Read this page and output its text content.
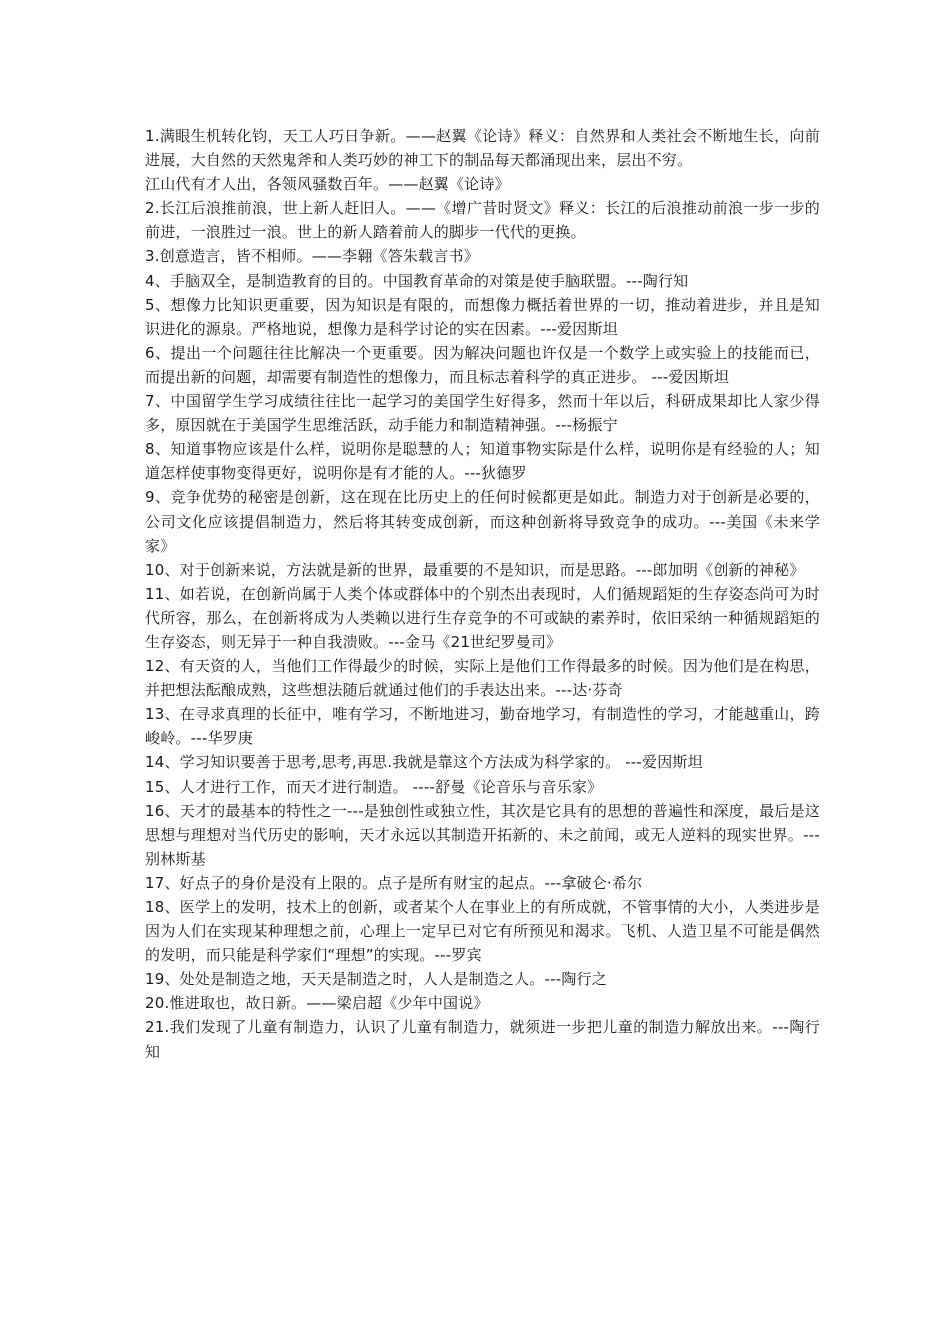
1.满眼生机转化钧，天工人巧日争新。——赵翼《论诗》释义：自然界和人类社会不断地生长，向前进展，大自然的天然鬼斧和人类巧妙的神工下的制品每天都涌现出来，层出不穷。

江山代有才人出，各领风骚数百年。——赵翼《论诗》

2.长江后浪推前浪，世上新人赶旧人。——《增广昔时贤文》释义：长江的后浪推动前浪一步一步的前进，一浪胜过一浪。世上的新人踏着前人的脚步一代代的更换。

3.创意造言，皆不相师。——李翱《答朱载言书》

4、手脑双全，是制造教育的目的。中国教育革命的对策是使手脑联盟。---陶行知

5、想像力比知识更重要，因为知识是有限的，而想像力概括着世界的一切，推动着进步，并且是知识进化的源泉。严格地说，想像力是科学讨论的实在因素。---爱因斯坦

6、提出一个问题往往比解决一个更重要。因为解决问题也许仅是一个数学上或实验上的技能而已，而提出新的问题，却需要有制造性的想像力，而且标志着科学的真正进步。 ---爱因斯坦

7、中国留学生学习成绩往往比一起学习的美国学生好得多，然而十年以后，科研成果却比人家少得多，原因就在于美国学生思维活跃，动手能力和制造精神强。---杨振宁

8、知道事物应该是什么样，说明你是聪慧的人；知道事物实际是什么样，说明你是有经验的人；知道怎样使事物变得更好，说明你是有才能的人。---狄德罗

9、竞争优势的秘密是创新，这在现在比历史上的任何时候都更是如此。制造力对于创新是必要的，公司文化应该提倡制造力，然后将其转变成创新，而这种创新将导致竞争的成功。---美国《未来学家》

10、对于创新来说，方法就是新的世界，最重要的不是知识，而是思路。---郎加明《创新的神秘》

11、如若说，在创新尚属于人类个体或群体中的个别杰出表现时，人们循规蹈矩的生存姿态尚可为时代所容，那么，在创新将成为人类赖以进行生存竞争的不可或缺的素养时，依旧采纳一种循规蹈矩的生存姿态，则无异于一种自我溃败。---金马《21世纪罗曼司》

12、有天资的人，当他们工作得最少的时候，实际上是他们工作得最多的时候。因为他们是在构思，并把想法酝酿成熟，这些想法随后就通过他们的手表达出来。---达·芬奇

13、在寻求真理的长征中，唯有学习，不断地进习，勤奋地学习，有制造性的学习，才能越重山，跨峻岭。---华罗庚

14、学习知识要善于思考,思考,再思.我就是靠这个方法成为科学家的。 ---爱因斯坦

15、人才进行工作，而天才进行制造。 ----舒曼《论音乐与音乐家》

16、天才的最基本的特性之一---是独创性或独立性，其次是它具有的思想的普遍性和深度，最后是这思想与理想对当代历史的影响，天才永远以其制造开拓新的、未之前闻，或无人逆料的现实世界。---别林斯基

17、好点子的身价是没有上限的。点子是所有财宝的起点。---拿破仑·希尔

18、医学上的发明，技术上的创新，或者某个人在事业上的有所成就，不管事情的大小，人类进步是因为人们在实现某种理想之前，心理上一定早已对它有所预见和渴求。飞机、人造卫星不可能是偶然的发明，而只能是科学家们“理想”的实现。---罗宾

19、处处是制造之地，天天是制造之时，人人是制造之人。---陶行之

20.惟进取也，故日新。——梁启超《少年中国说》

21.我们发现了儿童有制造力，认识了儿童有制造力，就须进一步把儿童的制造力解放出来。---陶行知
